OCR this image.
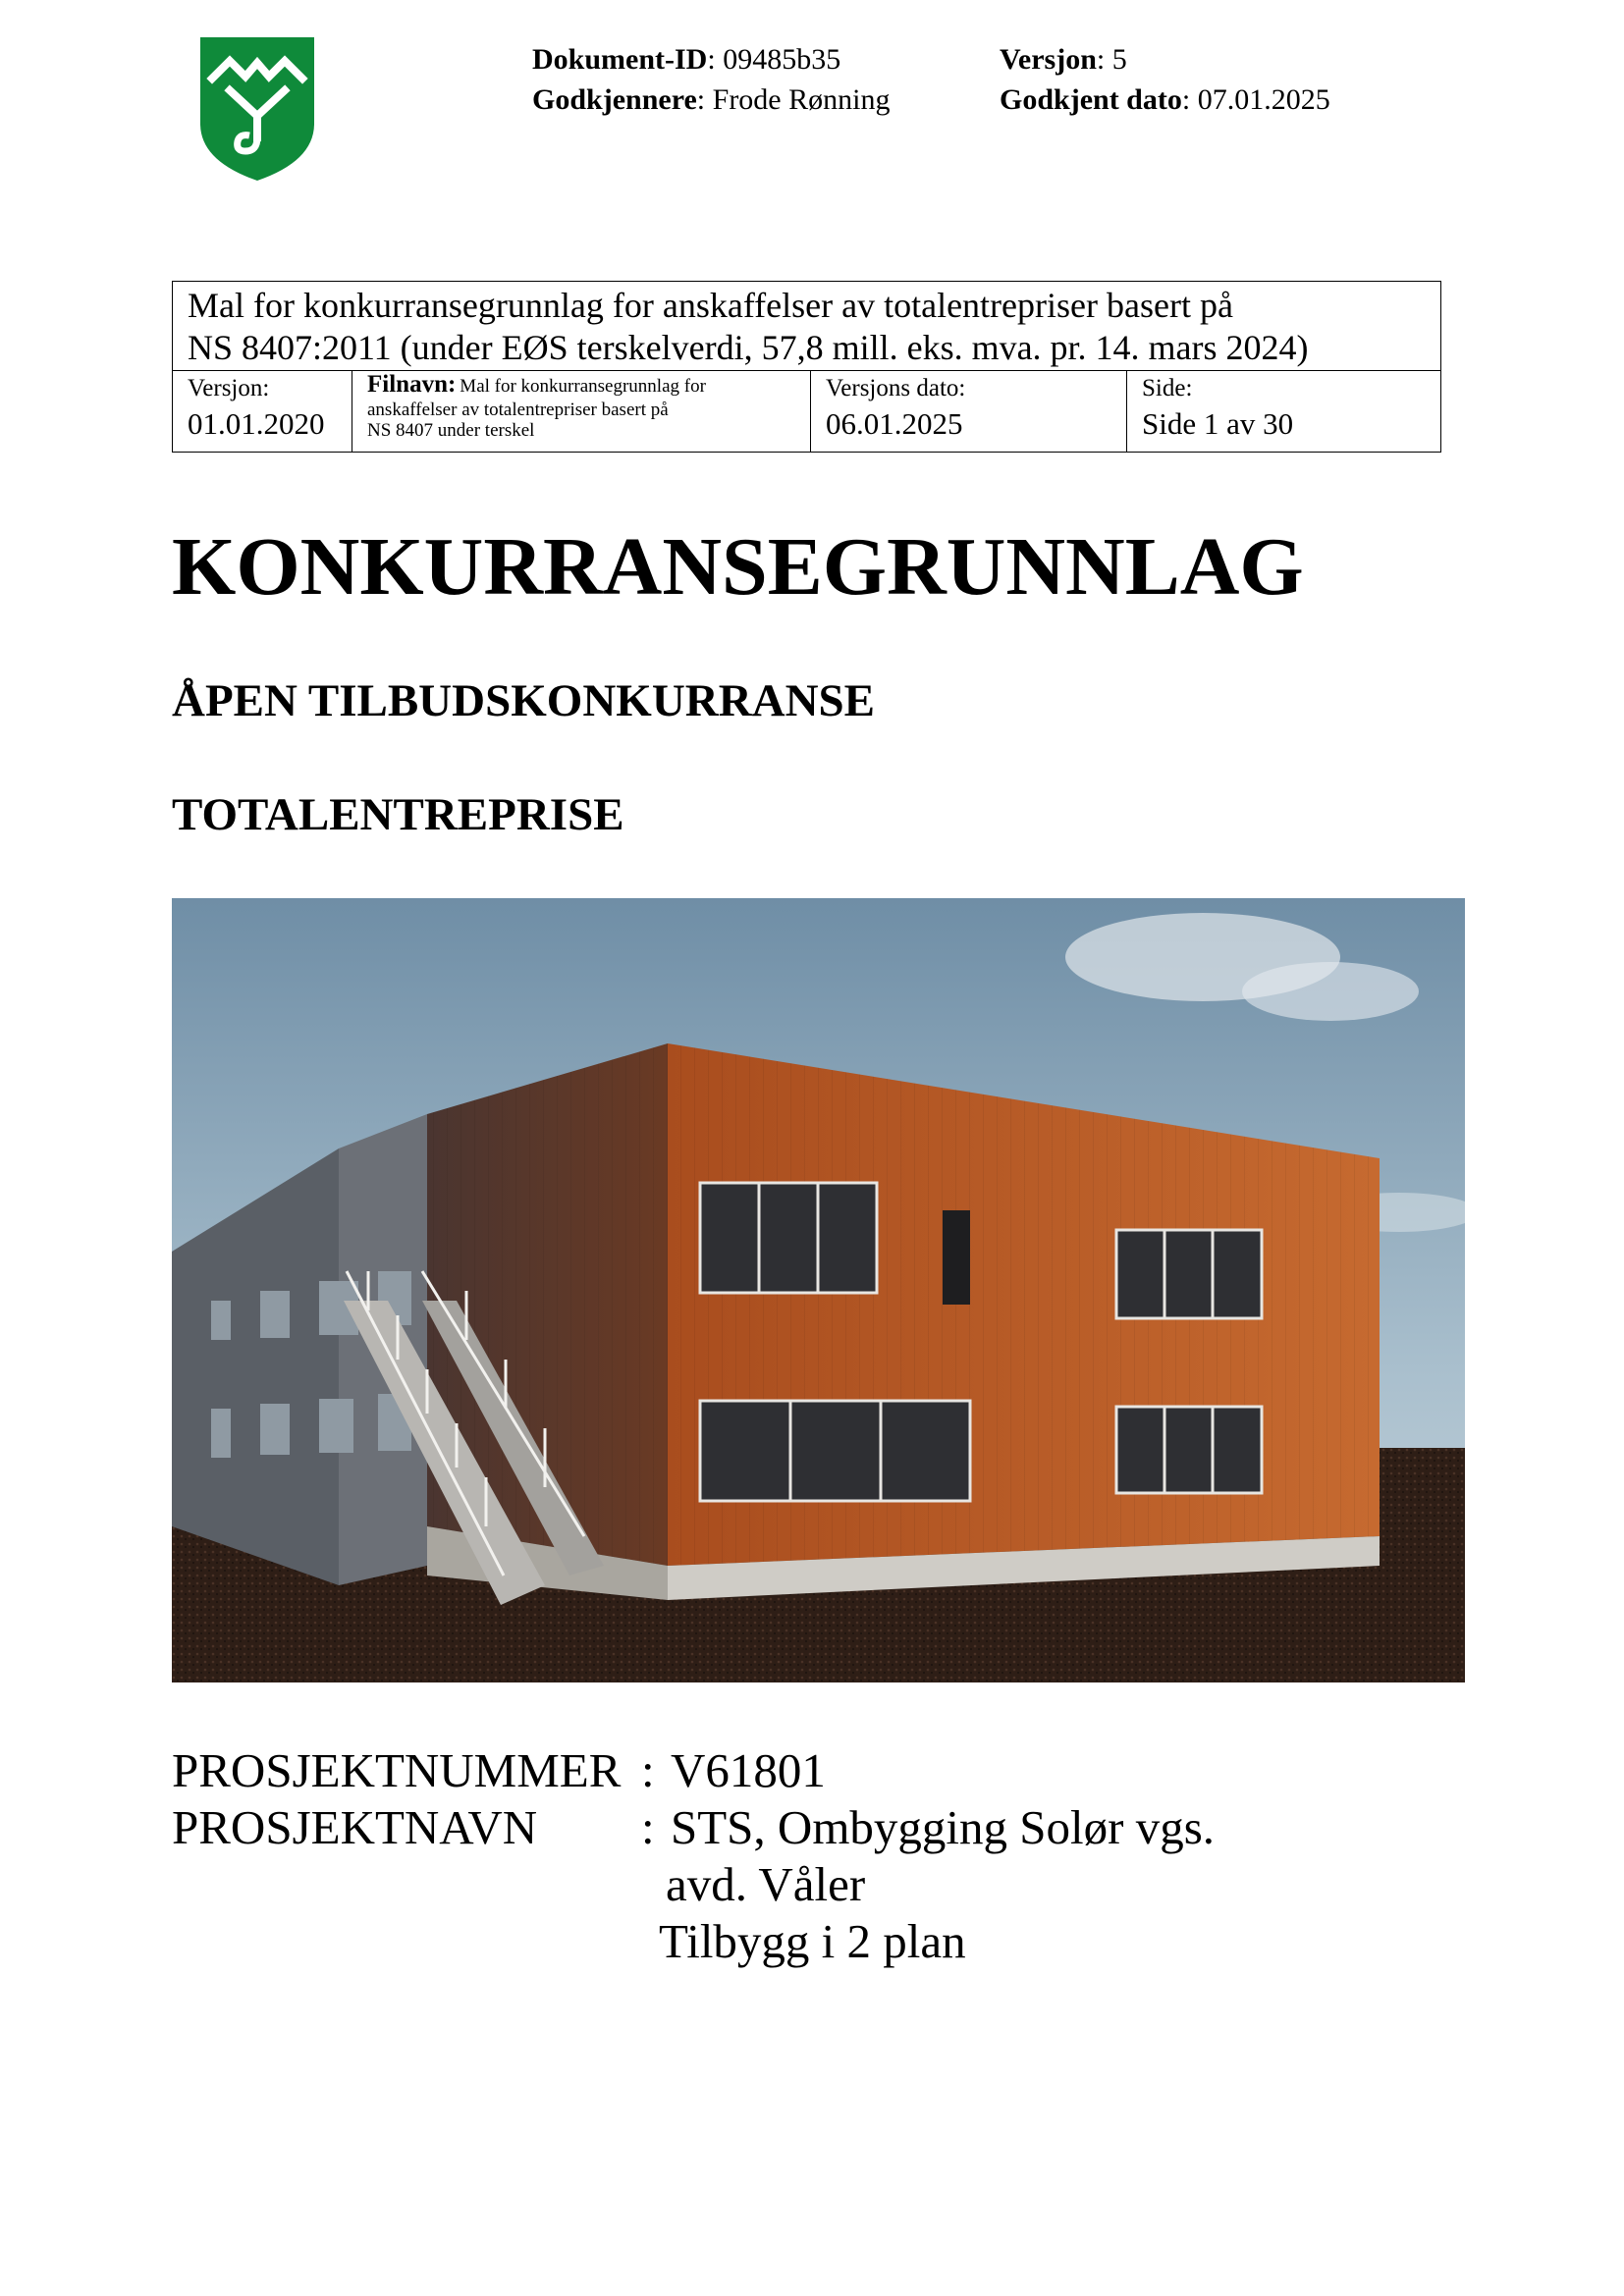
Dokument-ID: 09485b35
Godkjennere: Frode Rønning
Versjon: 5
Godkjent dato: 07.01.2025
Mal for konkurransegrunnlag for anskaffelser av totalentrepriser basert på
NS 8407:2011 (under EØS terskelverdi, 57,8 mill. eks. mva. pr. 14. mars 2024)
Versjon:
01.01.2020
Filnavn: Mal for konkurransegrunnlag for
anskaffelser av totalentrepriser basert på
NS 8407 under terskel
Versjons dato:
06.01.2025
Side:
Side 1 av 30
KONKURRANSEGRUNNLAG
ÅPEN TILBUDSKONKURRANSE
TOTALENTREPRISE
PROSJEKTNUMMER : V61801
PROSJEKTNAVN : STS, Ombygging Solør vgs.
avd. Våler
Tilbygg i 2 plan
